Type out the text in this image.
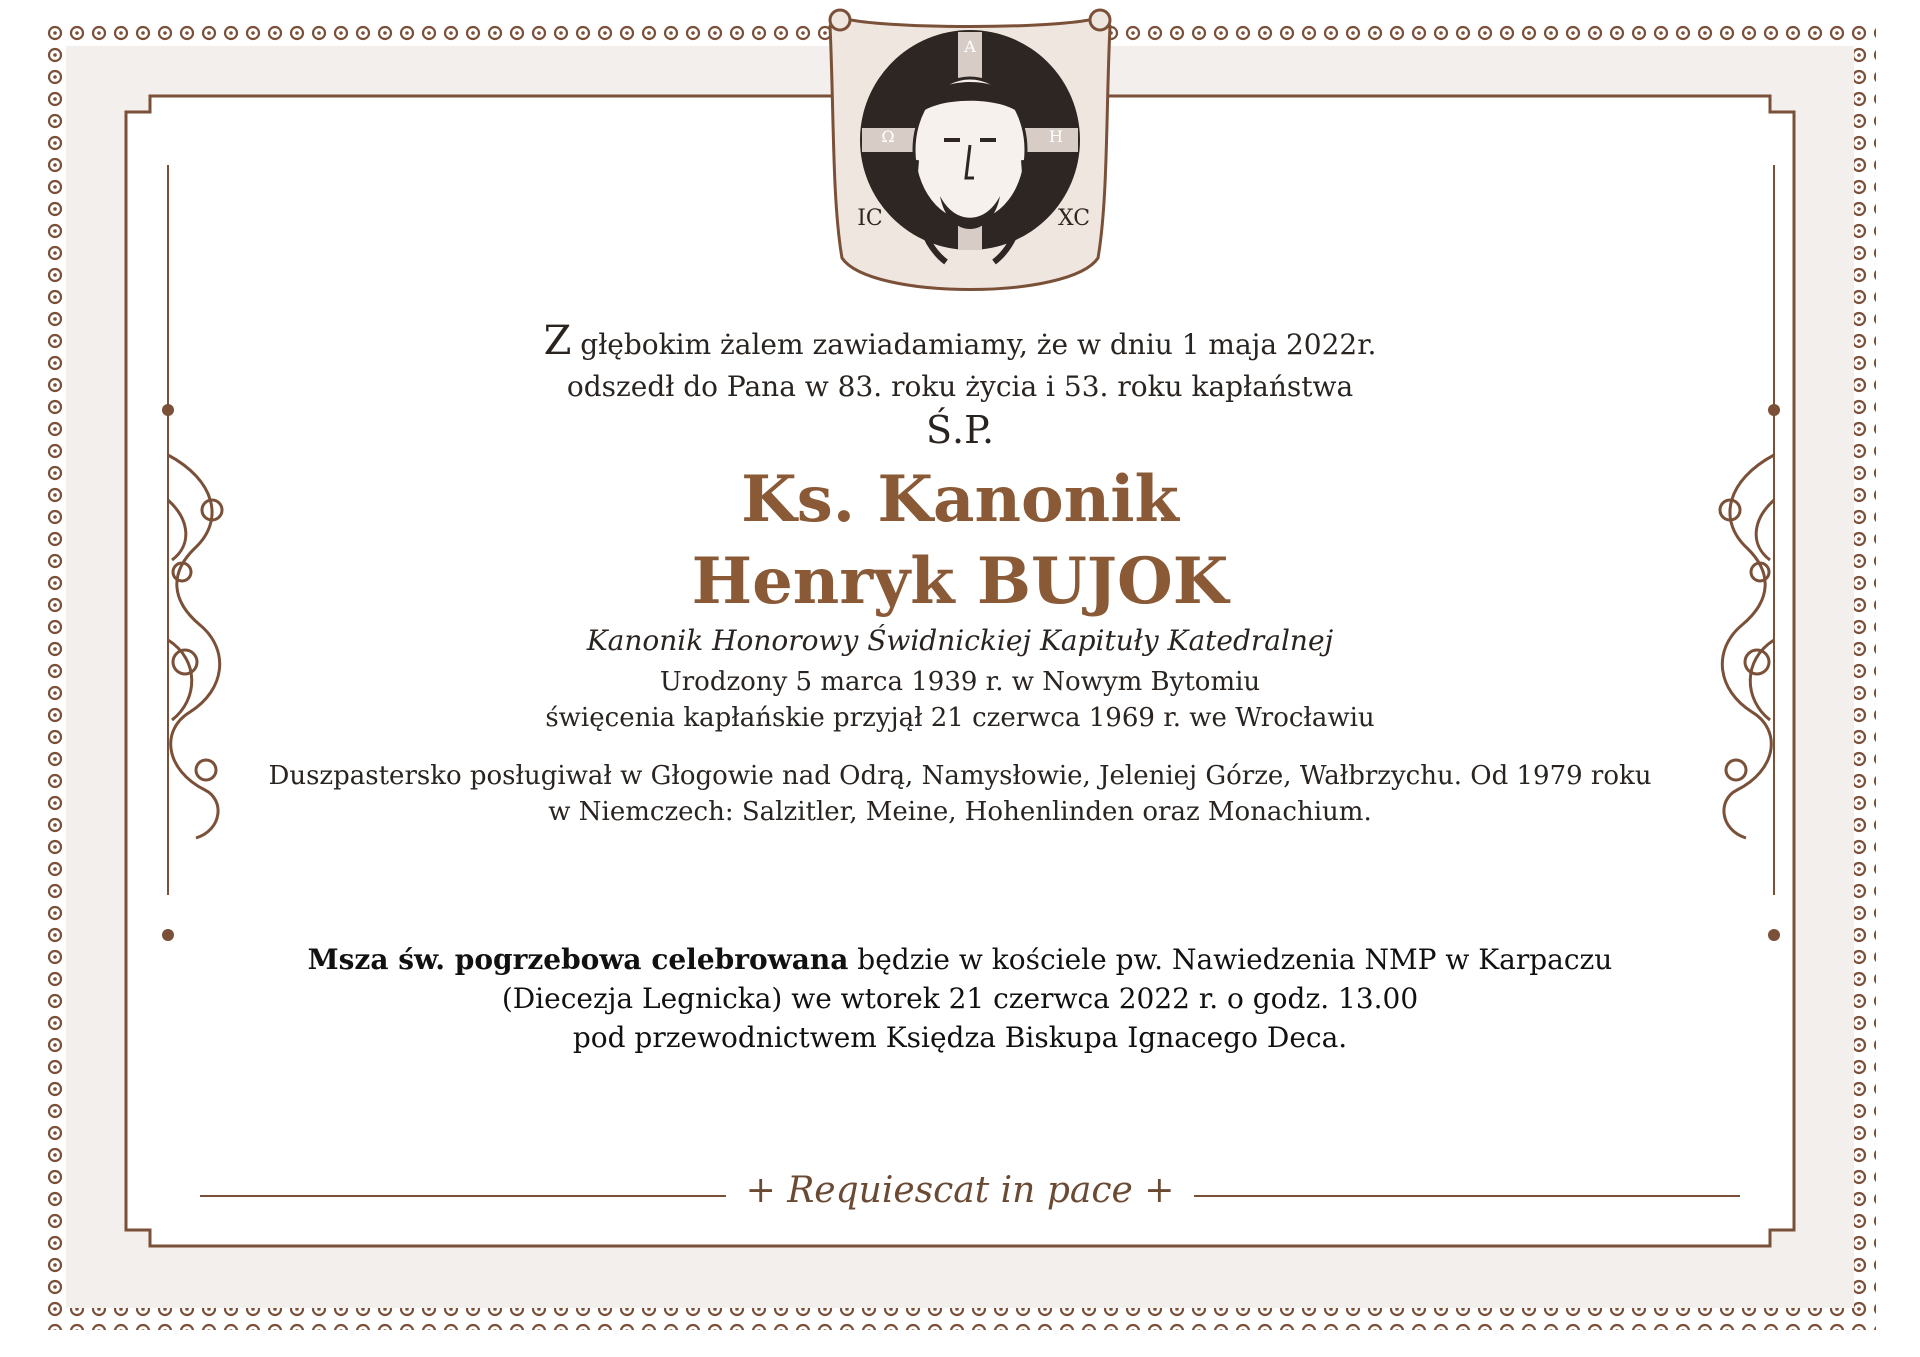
Α
Ω	Η
IC	XC
Z głębokim żalem zawiadamiamy, że w dniu 1 maja 2022r.
odszedł do Pana w 83. roku życia i 53. roku kapłaństwa
Ś.P.
Ks. Kanonik
Henryk BUJOK
Kanonik Honorowy Świdnickiej Kapituły Katedralnej
Urodzony 5 marca 1939 r. w Nowym Bytomiu
święcenia kapłańskie przyjął 21 czerwca 1969 r. we Wrocławiu
Duszpastersko posługiwał w Głogowie nad Odrą, Namysłowie, Jeleniej Górze, Wałbrzychu. Od 1979 roku
w Niemczech: Salzitler, Meine, Hohenlinden oraz Monachium.
Msza św. pogrzebowa celebrowana będzie w kościele pw. Nawiedzenia NMP w Karpaczu
(Diecezja Legnicka) we wtorek 21 czerwca 2022 r. o godz. 13.00
pod przewodnictwem Księdza Biskupa Ignacego Deca.
+ Requiescat in pace +
